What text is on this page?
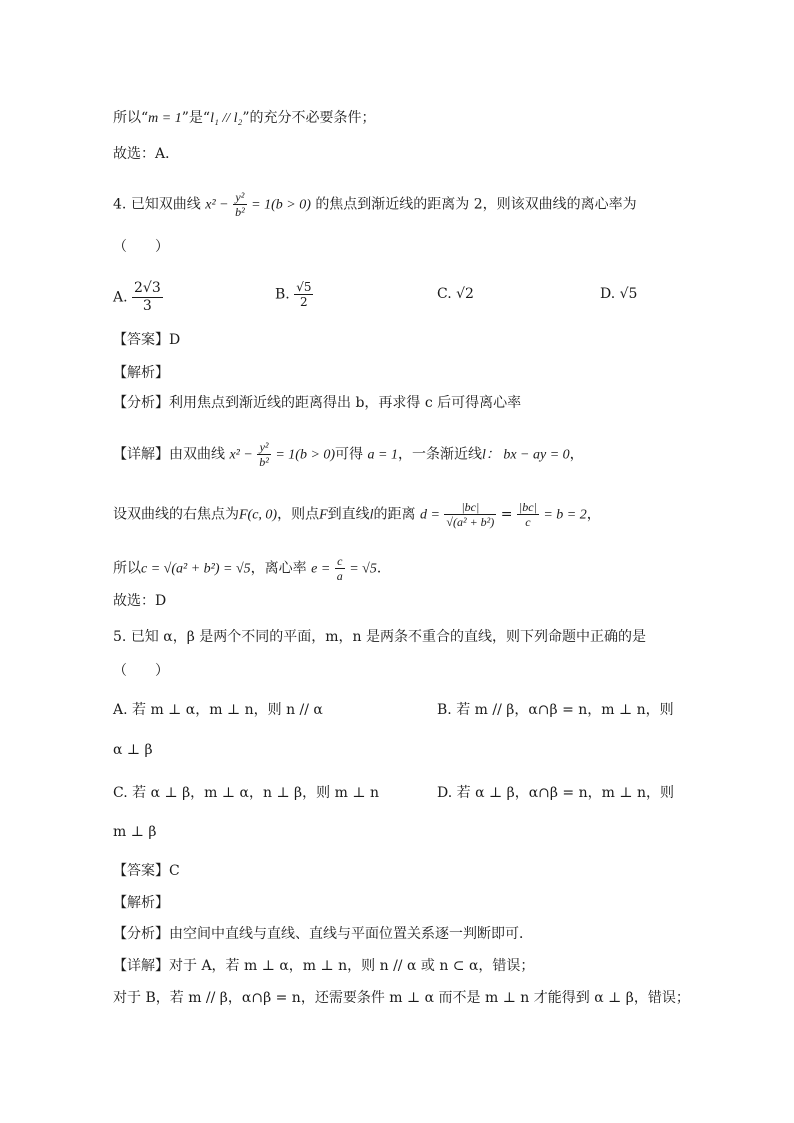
所以“m = 1”是“l₁ // l₂”的充分不必要条件；
故选：A．
4. 已知双曲线 $x^2 - \frac{\text{y²}}{\text{b²}} = 1(b > 0)$ 的焦点到渐近线的距离为 2，则该双曲线的离心率为
（　　）
A. $\frac{2√3}{3}$	B. $\frac{√5}{2}$	C. √2	D. √5
【答案】D
【解析】
【分析】利用焦点到渐近线的距离得出 b，再求得 c 后可得离心率
【详解】由双曲线 $x^2 - \frac{\text{y²}}{\text{b²}} = 1(b > 0)$可得 a = 1，一条渐近线l： bx − ay = 0，
设双曲线的右焦点为F(c, 0)，则点F到直线l的距离 $d = \frac{|bc|}{\text{√(a² + b²)}} = \frac{|bc|}{c} = b = 2$，
所以c = √(a² + b²) = √5，离心率 $e = \frac{c}{a} = √5$．
故选：D
5. 已知 α，β 是两个不同的平面，m，n 是两条不重合的直线，则下列命题中正确的是
（　　）
A. 若 m ⊥ α，m ⊥ n，则 n // α	B. 若 m // β，α∩β = n，m ⊥ n，则
α ⊥ β
C. 若 α ⊥ β，m ⊥ α，n ⊥ β，则 m ⊥ n	D. 若 α ⊥ β，α∩β = n，m ⊥ n，则
m ⊥ β
【答案】C
【解析】
【分析】由空间中直线与直线、直线与平面位置关系逐一判断即可．
【详解】对于 A，若 m ⊥ α，m ⊥ n，则 n // α 或 n ⊂ α，错误；
对于 B，若 m // β，α∩β = n，还需要条件 m ⊥ α 而不是 m ⊥ n 才能得到 α ⊥ β，错误；
